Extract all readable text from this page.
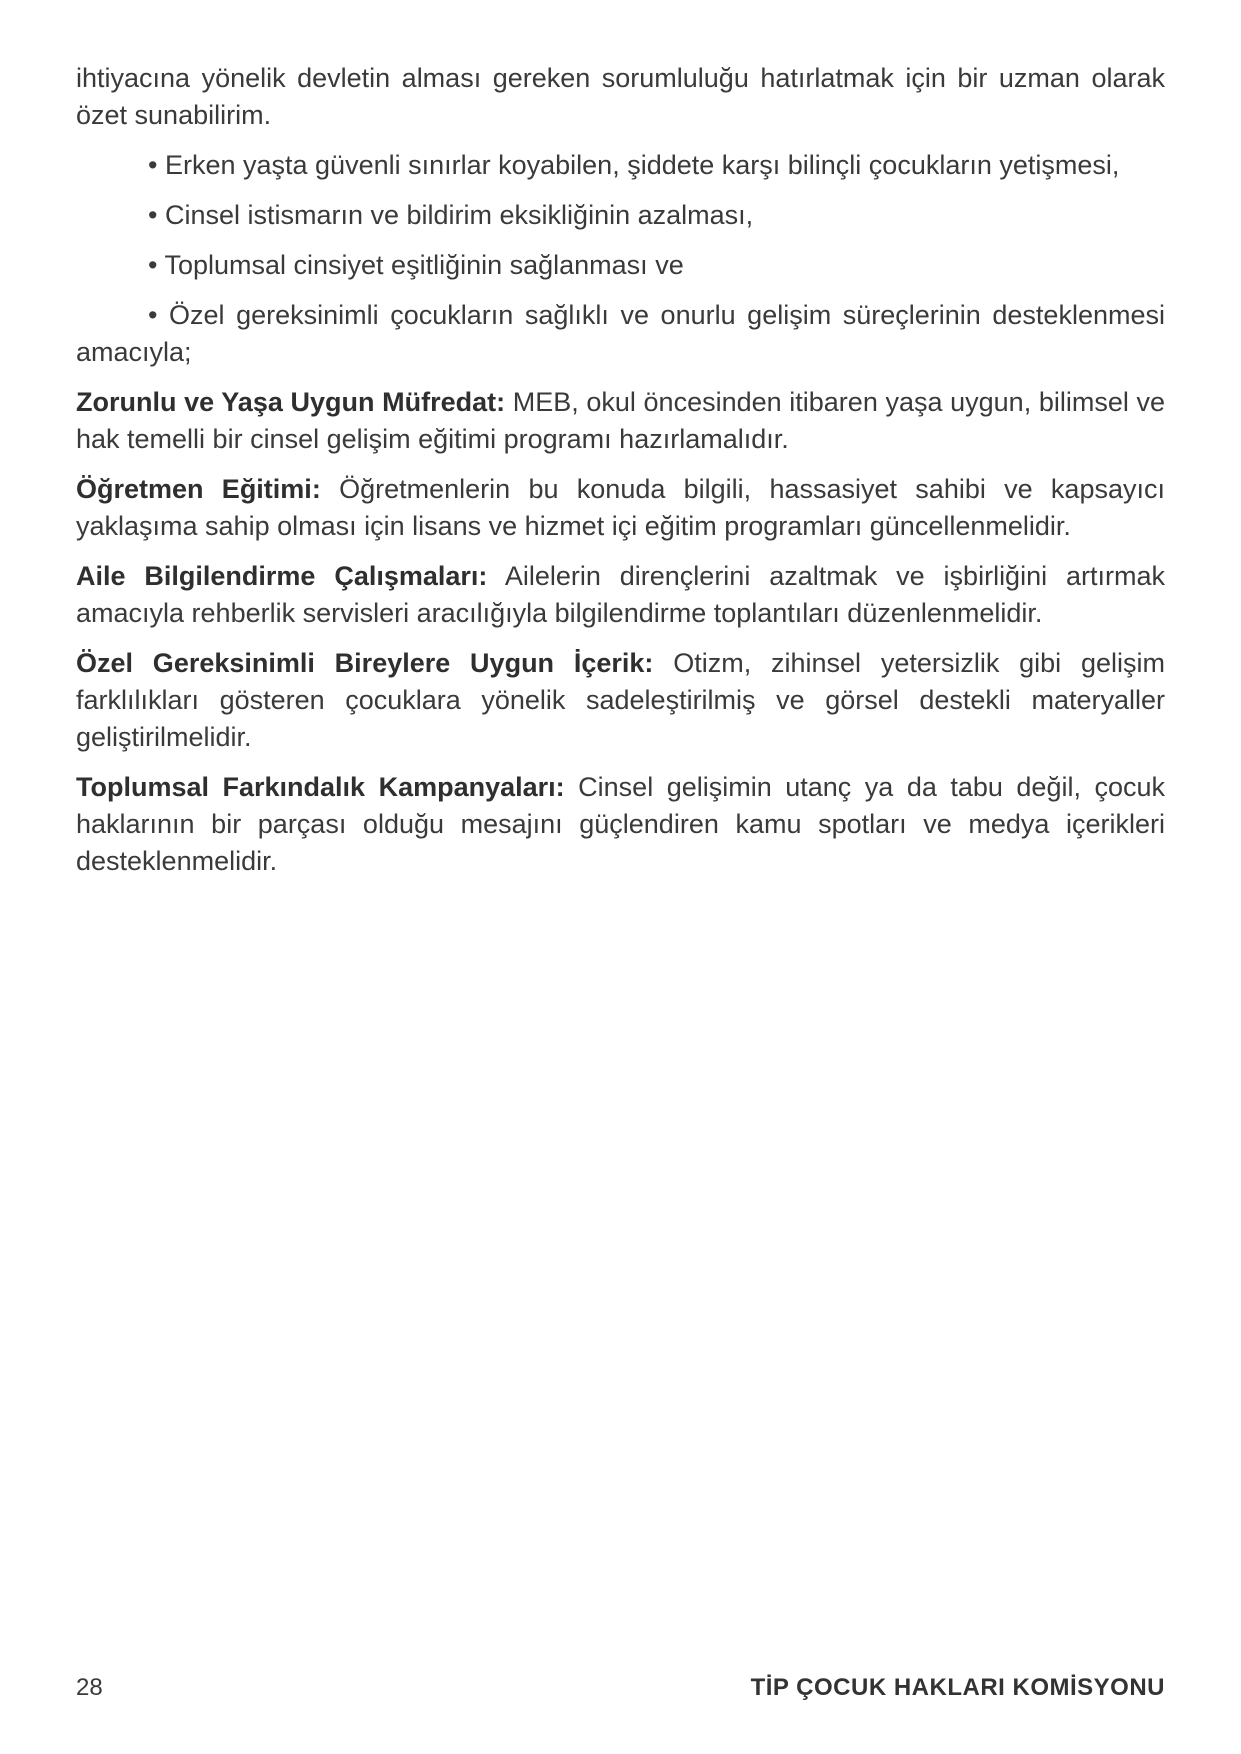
ihtiyacına yönelik devletin alması gereken sorumluluğu hatırlatmak için bir uzman olarak özet sunabilirim.

• Erken yaşta güvenli sınırlar koyabilen, şiddete karşı bilinçli çocukların yetişmesi,

• Cinsel istismarın ve bildirim eksikliğinin azalması,

• Toplumsal cinsiyet eşitliğinin sağlanması ve

• Özel gereksinimli çocukların sağlıklı ve onurlu gelişim süreçlerinin desteklenmesi amacıyla;

Zorunlu ve Yaşa Uygun Müfredat: MEB, okul öncesinden itibaren yaşa uygun, bilimsel ve hak temelli bir cinsel gelişim eğitimi programı hazırlamalıdır.

Öğretmen Eğitimi: Öğretmenlerin bu konuda bilgili, hassasiyet sahibi ve kapsayıcı yaklaşıma sahip olması için lisans ve hizmet içi eğitim programları güncellenmelidir.

Aile Bilgilendirme Çalışmaları: Ailelerin dirençlerini azaltmak ve işbirliğini artırmak amacıyla rehberlik servisleri aracılığıyla bilgilendirme toplantıları düzenlenmelidir.

Özel Gereksinimli Bireylere Uygun İçerik: Otizm, zihinsel yetersizlik gibi gelişim farklılıkları gösteren çocuklara yönelik sadeleştirilmiş ve görsel destekli materyaller geliştirilmelidir.

Toplumsal Farkındalık Kampanyaları: Cinsel gelişimin utanç ya da tabu değil, çocuk haklarının bir parçası olduğu mesajını güçlendiren kamu spotları ve medya içerikleri desteklenmelidir.

28	TİP ÇOCUK HAKLARI KOMİSYONU
